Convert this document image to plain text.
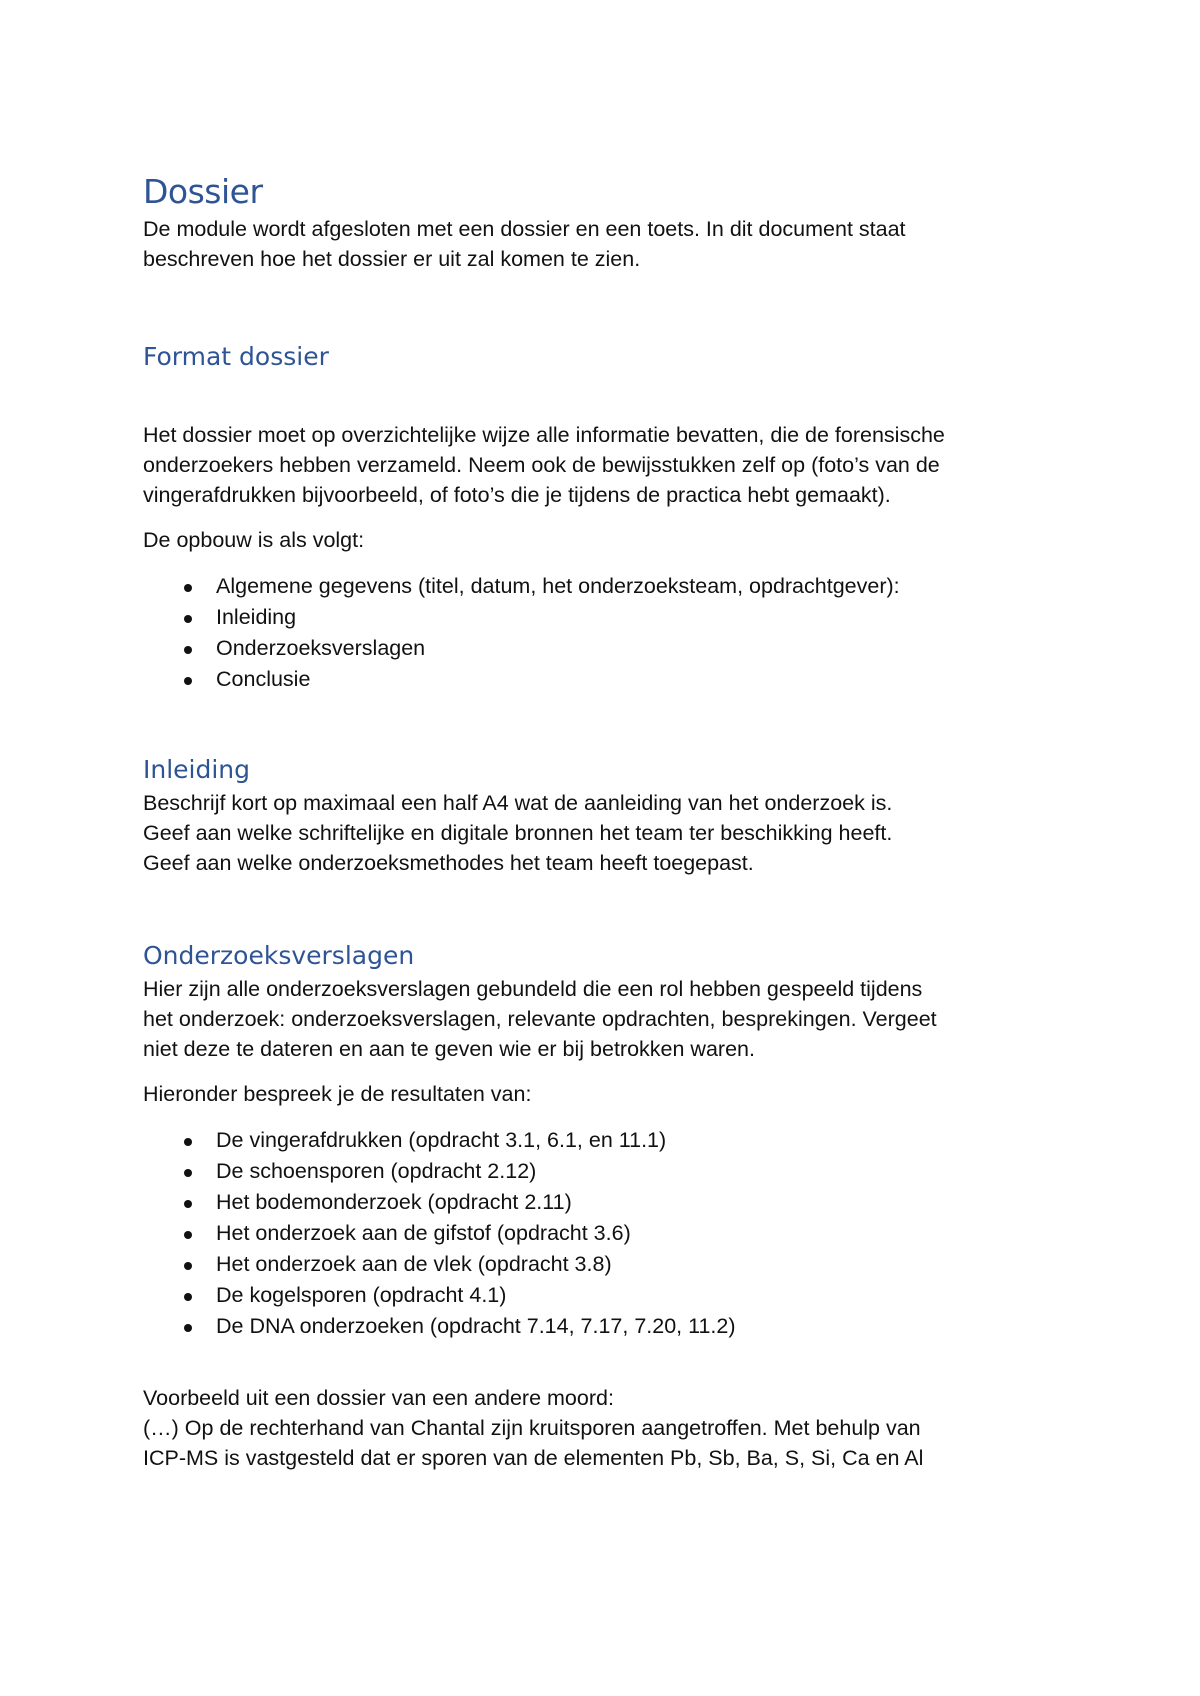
Dossier

De module wordt afgesloten met een dossier en een toets. In dit document staat

beschreven hoe het dossier er uit zal komen te zien.

Format dossier

Het dossier moet op overzichtelijke wijze alle informatie bevatten, die de forensische

onderzoekers hebben verzameld. Neem ook de bewijsstukken zelf op (foto’s van de

vingerafdrukken bijvoorbeeld, of foto’s die je tijdens de practica hebt gemaakt).

De opbouw is als volgt:

Algemene gegevens (titel, datum, het onderzoeksteam, opdrachtgever):
Inleiding
Onderzoeksverslagen
Conclusie
Inleiding

Beschrijf kort op maximaal een half A4 wat de aanleiding van het onderzoek is.

Geef aan welke schriftelijke en digitale bronnen het team ter beschikking heeft.

Geef aan welke onderzoeksmethodes het team heeft toegepast.

Onderzoeksverslagen

Hier zijn alle onderzoeksverslagen gebundeld die een rol hebben gespeeld tijdens

het onderzoek: onderzoeksverslagen, relevante opdrachten, besprekingen. Vergeet

niet deze te dateren en aan te geven wie er bij betrokken waren.

Hieronder bespreek je de resultaten van:

De vingerafdrukken (opdracht 3.1, 6.1, en 11.1)
De schoensporen (opdracht 2.12)
Het bodemonderzoek (opdracht 2.11)
Het onderzoek aan de gifstof (opdracht 3.6)
Het onderzoek aan de vlek (opdracht 3.8)
De kogelsporen (opdracht 4.1)
De DNA onderzoeken (opdracht 7.14, 7.17, 7.20, 11.2)

Voorbeeld uit een dossier van een andere moord:

(…) Op de rechterhand van Chantal zijn kruitsporen aangetroffen. Met behulp van

ICP-MS is vastgesteld dat er sporen van de elementen Pb, Sb, Ba, S, Si, Ca en Al
